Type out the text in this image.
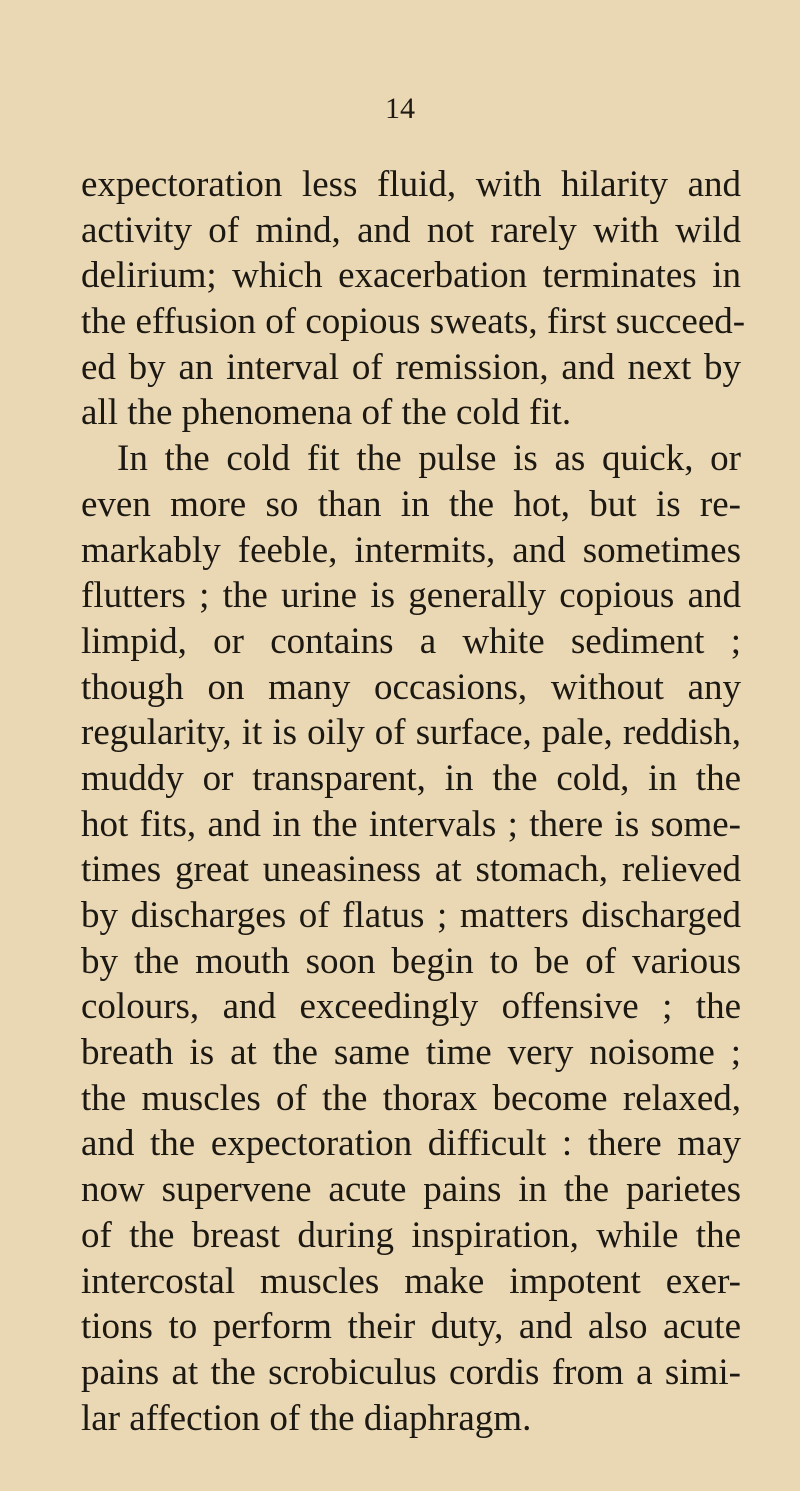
14
expectoration less fluid, with hilarity and
activity of mind, and not rarely with wild
delirium; which exacerbation terminates in
the effusion of copious sweats, first succeed-
ed by an interval of remission, and next by
all the phenomena of the cold fit.
In the cold fit the pulse is as quick, or
even more so than in the hot, but is re-
markably feeble, intermits, and sometimes
flutters ; the urine is generally copious and
limpid, or contains a white sediment ;
though on many occasions, without any
regularity, it is oily of surface, pale, reddish,
muddy or transparent, in the cold, in the
hot fits, and in the intervals ; there is some-
times great uneasiness at stomach, relieved
by discharges of flatus ; matters discharged
by the mouth soon begin to be of various
colours, and exceedingly offensive ; the
breath is at the same time very noisome ;
the muscles of the thorax become relaxed,
and the expectoration difficult : there may
now supervene acute pains in the parietes
of the breast during inspiration, while the
intercostal muscles make impotent exer-
tions to perform their duty, and also acute
pains at the scrobiculus cordis from a simi-
lar affection of the diaphragm.
